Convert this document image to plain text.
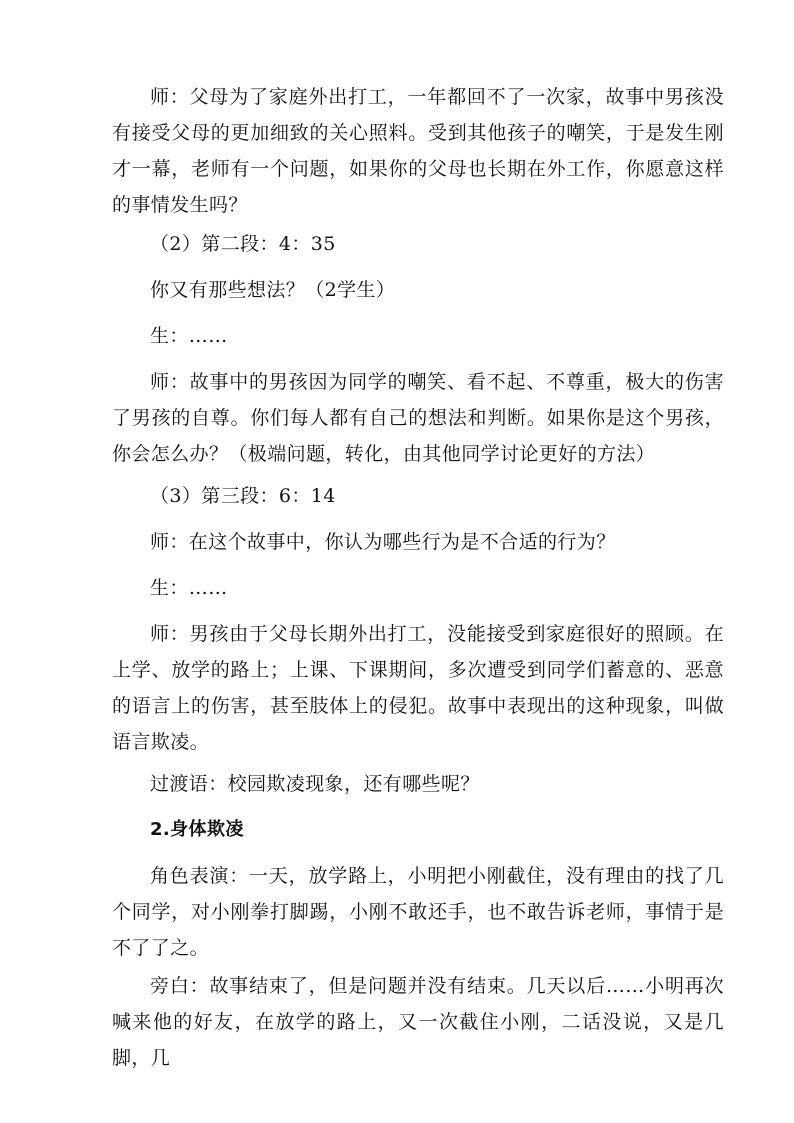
师：父母为了家庭外出打工，一年都回不了一次家，故事中男孩没有接受父母的更加细致的关心照料。受到其他孩子的嘲笑，于是发生刚才一幕，老师有一个问题，如果你的父母也长期在外工作，你愿意这样的事情发生吗？

（2）第二段：4：35

你又有那些想法？（2学生）

生：……

师：故事中的男孩因为同学的嘲笑、看不起、不尊重，极大的伤害了男孩的自尊。你们每人都有自己的想法和判断。如果你是这个男孩，你会怎么办？（极端问题，转化，由其他同学讨论更好的方法）

（3）第三段：6：14

师：在这个故事中，你认为哪些行为是不合适的行为？

生：……

师：男孩由于父母长期外出打工，没能接受到家庭很好的照顾。在上学、放学的路上；上课、下课期间，多次遭受到同学们蓄意的、恶意的语言上的伤害，甚至肢体上的侵犯。故事中表现出的这种现象，叫做语言欺凌。

过渡语：校园欺凌现象，还有哪些呢？

2.身体欺凌

角色表演：一天，放学路上，小明把小刚截住，没有理由的找了几个同学，对小刚拳打脚踢，小刚不敢还手，也不敢告诉老师，事情于是不了了之。

旁白：故事结束了，但是问题并没有结束。几天以后……小明再次喊来他的好友，在放学的路上，又一次截住小刚，二话没说，又是几脚，几
